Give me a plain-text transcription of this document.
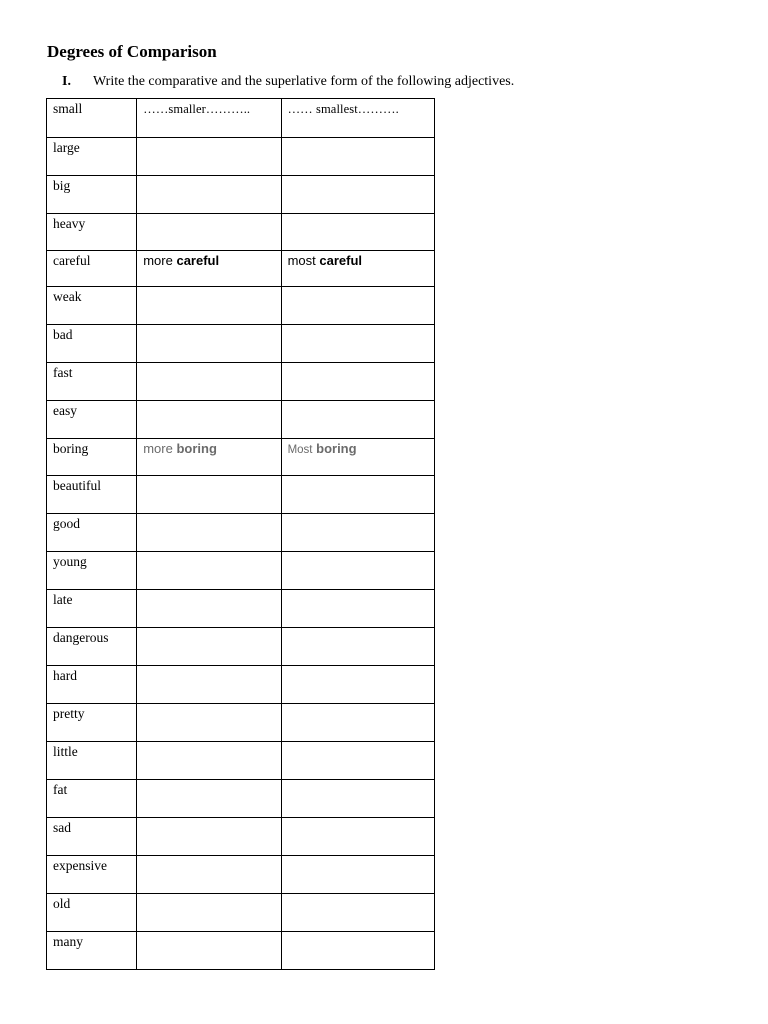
Degrees of Comparison
I.	Write the comparative and the superlative form of the following adjectives.
small	……smaller………..	…… smallest……….
large		
big		
heavy		
careful	more careful	most careful
weak		
bad		
fast		
easy		
boring	more boring	Most boring
beautiful		
good		
young		
late		
dangerous		
hard		
pretty		
little		
fat		
sad		
expensive		
old		
many		
